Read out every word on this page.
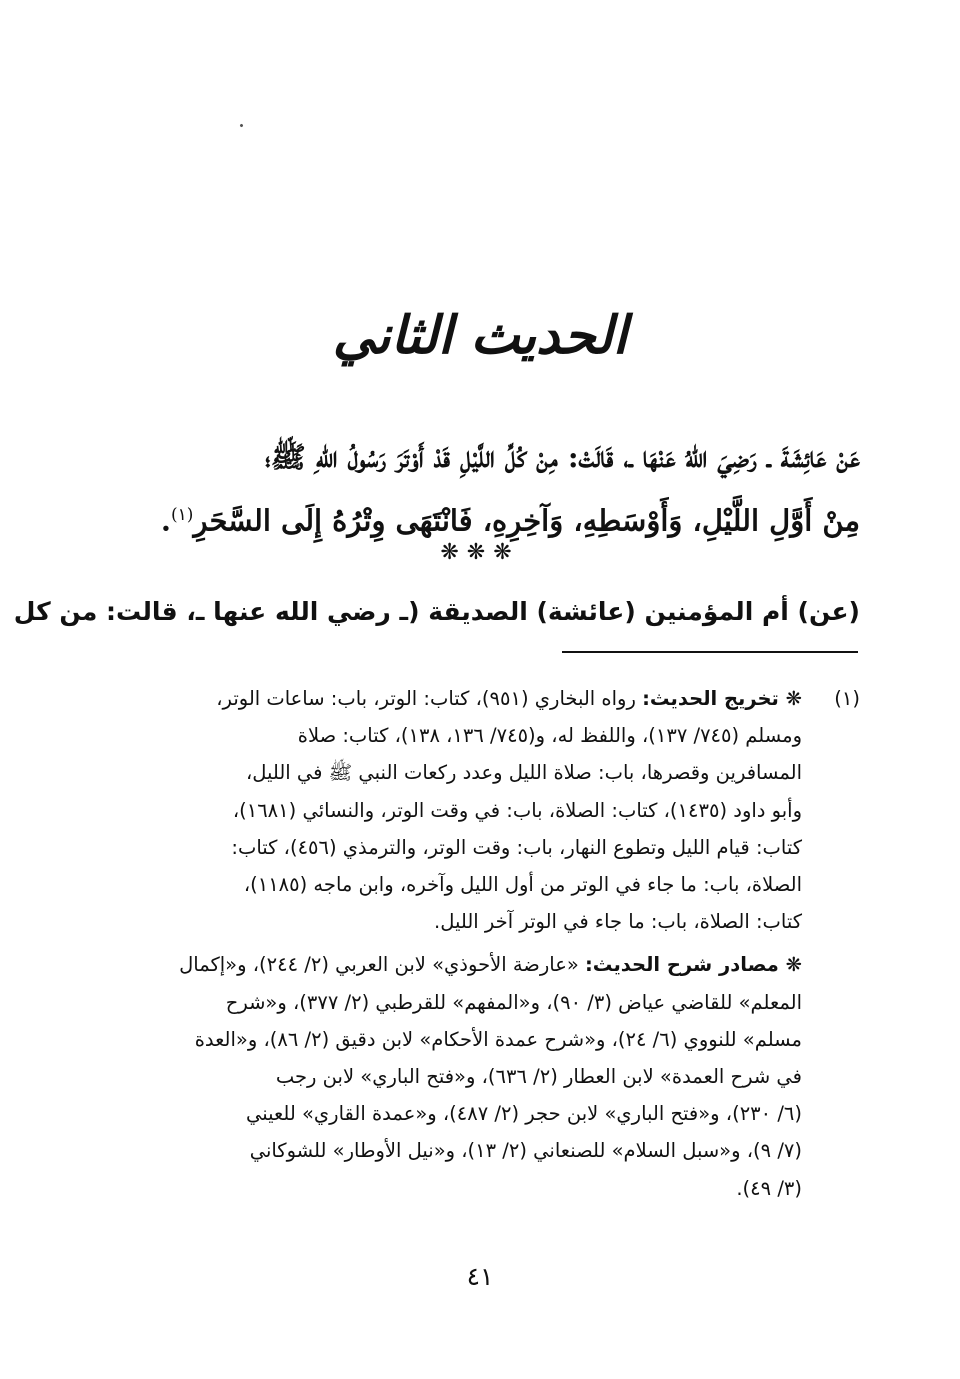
الحديث الثاني
عَنْ عَائِشَةَ ـ رَضِيَ اللهُ عَنْهَا ـ، قَالَتْ: مِنْ كُلِّ اللَّيْلِ قَدْ أَوْتَرَ رَسُولُ اللهِ ﷺ؛
مِنْ أَوَّلِ اللَّيْلِ، وَأَوْسَطِهِ، وَآخِرِهِ، فَانْتَهَى وِتْرُهُ إِلَى السَّحَرِ$^{(١)}$.
❋❋❋
(عن) أم المؤمنين (عائشة) الصديقة (ـ رضي الله عنها ـ، قالت: من كل
(١)
❋ تخريج الحديث: رواه البخاري (٩٥١)، كتاب: الوتر، باب: ساعات الوتر،
ومسلم (٧٤٥/ ١٣٧)، واللفظ له، و(٧٤٥/ ١٣٦، ١٣٨)، كتاب: صلاة
المسافرين وقصرها، باب: صلاة الليل وعدد ركعات النبي ﷺ في الليل،
وأبو داود (١٤٣٥)، كتاب: الصلاة، باب: في وقت الوتر، والنسائي (١٦٨١)،
كتاب: قيام الليل وتطوع النهار، باب: وقت الوتر، والترمذي (٤٥٦)، كتاب:
الصلاة، باب: ما جاء في الوتر من أول الليل وآخره، وابن ماجه (١١٨٥)،
كتاب: الصلاة، باب: ما جاء في الوتر آخر الليل.
❋ مصادر شرح الحديث: «عارضة الأحوذي» لابن العربي (٢/ ٢٤٤)، و«إكمال
المعلم» للقاضي عياض (٣/ ٩٠)، و«المفهم» للقرطبي (٢/ ٣٧٧)، و«شرح
مسلم» للنووي (٦/ ٢٤)، و«شرح عمدة الأحكام» لابن دقيق (٢/ ٨٦)، و«العدة
في شرح العمدة» لابن العطار (٢/ ٦٣٦)، و«فتح الباري» لابن رجب
(٦/ ٢٣٠)، و«فتح الباري» لابن حجر (٢/ ٤٨٧)، و«عمدة القاري» للعيني
(٧/ ٩)، و«سبل السلام» للصنعاني (٢/ ١٣)، و«نيل الأوطار» للشوكاني
(٣/ ٤٩).
٤١
